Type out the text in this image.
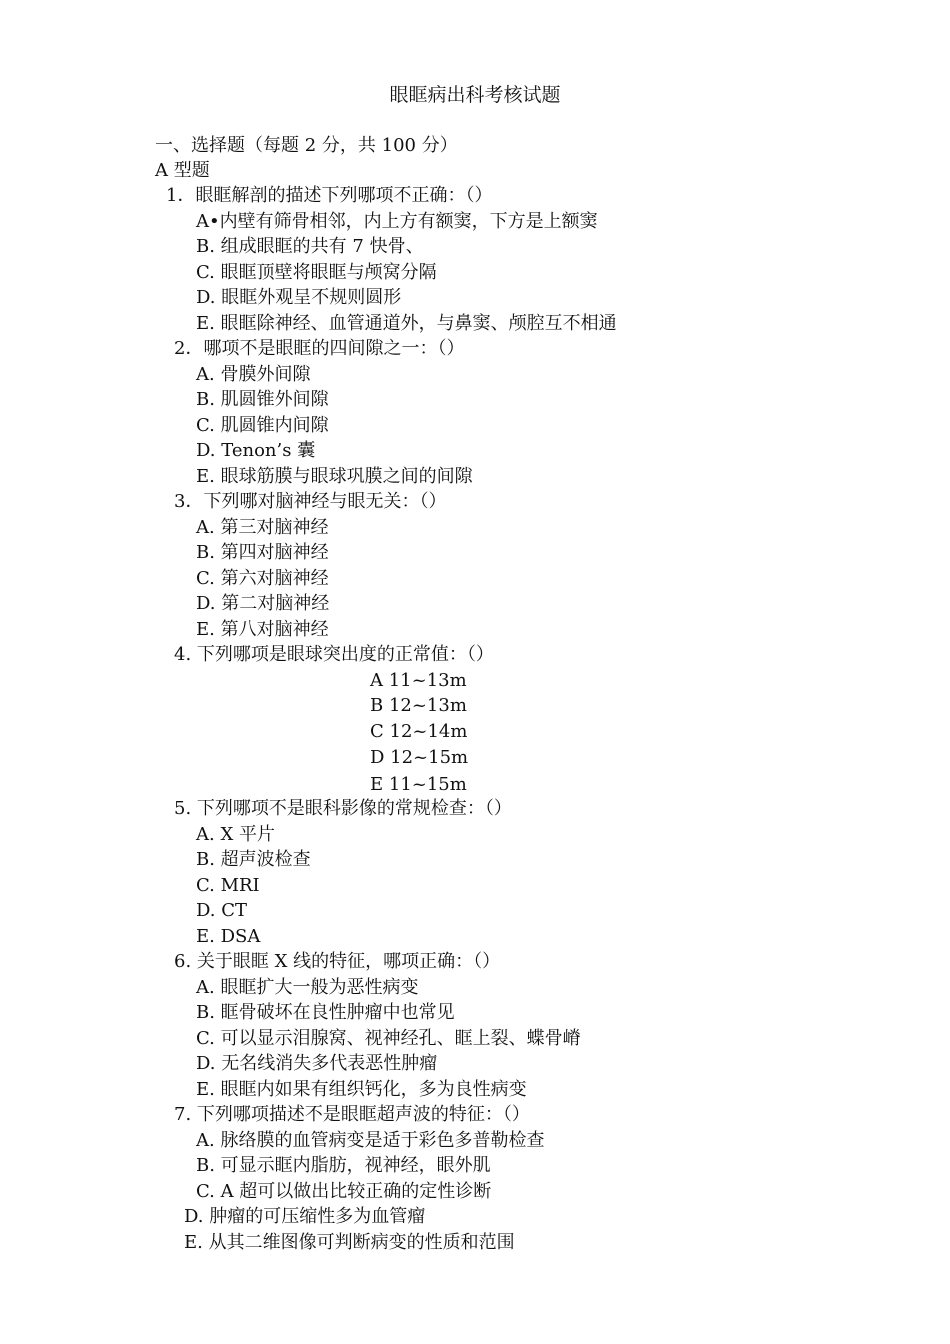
眼眶病出科考核试题
一、选择题（每题 2 分，共 100 分）
A 型题
1．眼眶解剖的描述下列哪项不正确：（）
A•内壁有筛骨相邻，内上方有额窦，下方是上额窦
B. 组成眼眶的共有 7 快骨、
C. 眼眶顶壁将眼眶与颅窝分隔
D. 眼眶外观呈不规则圆形
E. 眼眶除神经、血管通道外，与鼻窦、颅腔互不相通
2．哪项不是眼眶的四间隙之一：（）
A. 骨膜外间隙
B. 肌圆锥外间隙
C. 肌圆锥内间隙
D. Tenon’s 囊
E. 眼球筋膜与眼球巩膜之间的间隙
3．下列哪对脑神经与眼无关：（）
A. 第三对脑神经
B. 第四对脑神经
C. 第六对脑神经
D. 第二对脑神经
E. 第八对脑神经
4. 下列哪项是眼球突出度的正常值：（）
A 11~13m
B 12~13m
C 12~14m
D 12~15m
E 11~15m
5. 下列哪项不是眼科影像的常规检查：（）
A. X 平片
B. 超声波检查
C. MRI
D. CT
E. DSA
6. 关于眼眶 X 线的特征，哪项正确：（）
A. 眼眶扩大一般为恶性病变
B. 眶骨破坏在良性肿瘤中也常见
C. 可以显示泪腺窝、视神经孔、眶上裂、蝶骨嵴
D. 无名线消失多代表恶性肿瘤
E. 眼眶内如果有组织钙化，多为良性病变
7. 下列哪项描述不是眼眶超声波的特征：（）
A. 脉络膜的血管病变是适于彩色多普勒检查
B. 可显示眶内脂肪，视神经，眼外肌
C. A 超可以做出比较正确的定性诊断
D. 肿瘤的可压缩性多为血管瘤
E. 从其二维图像可判断病变的性质和范围
